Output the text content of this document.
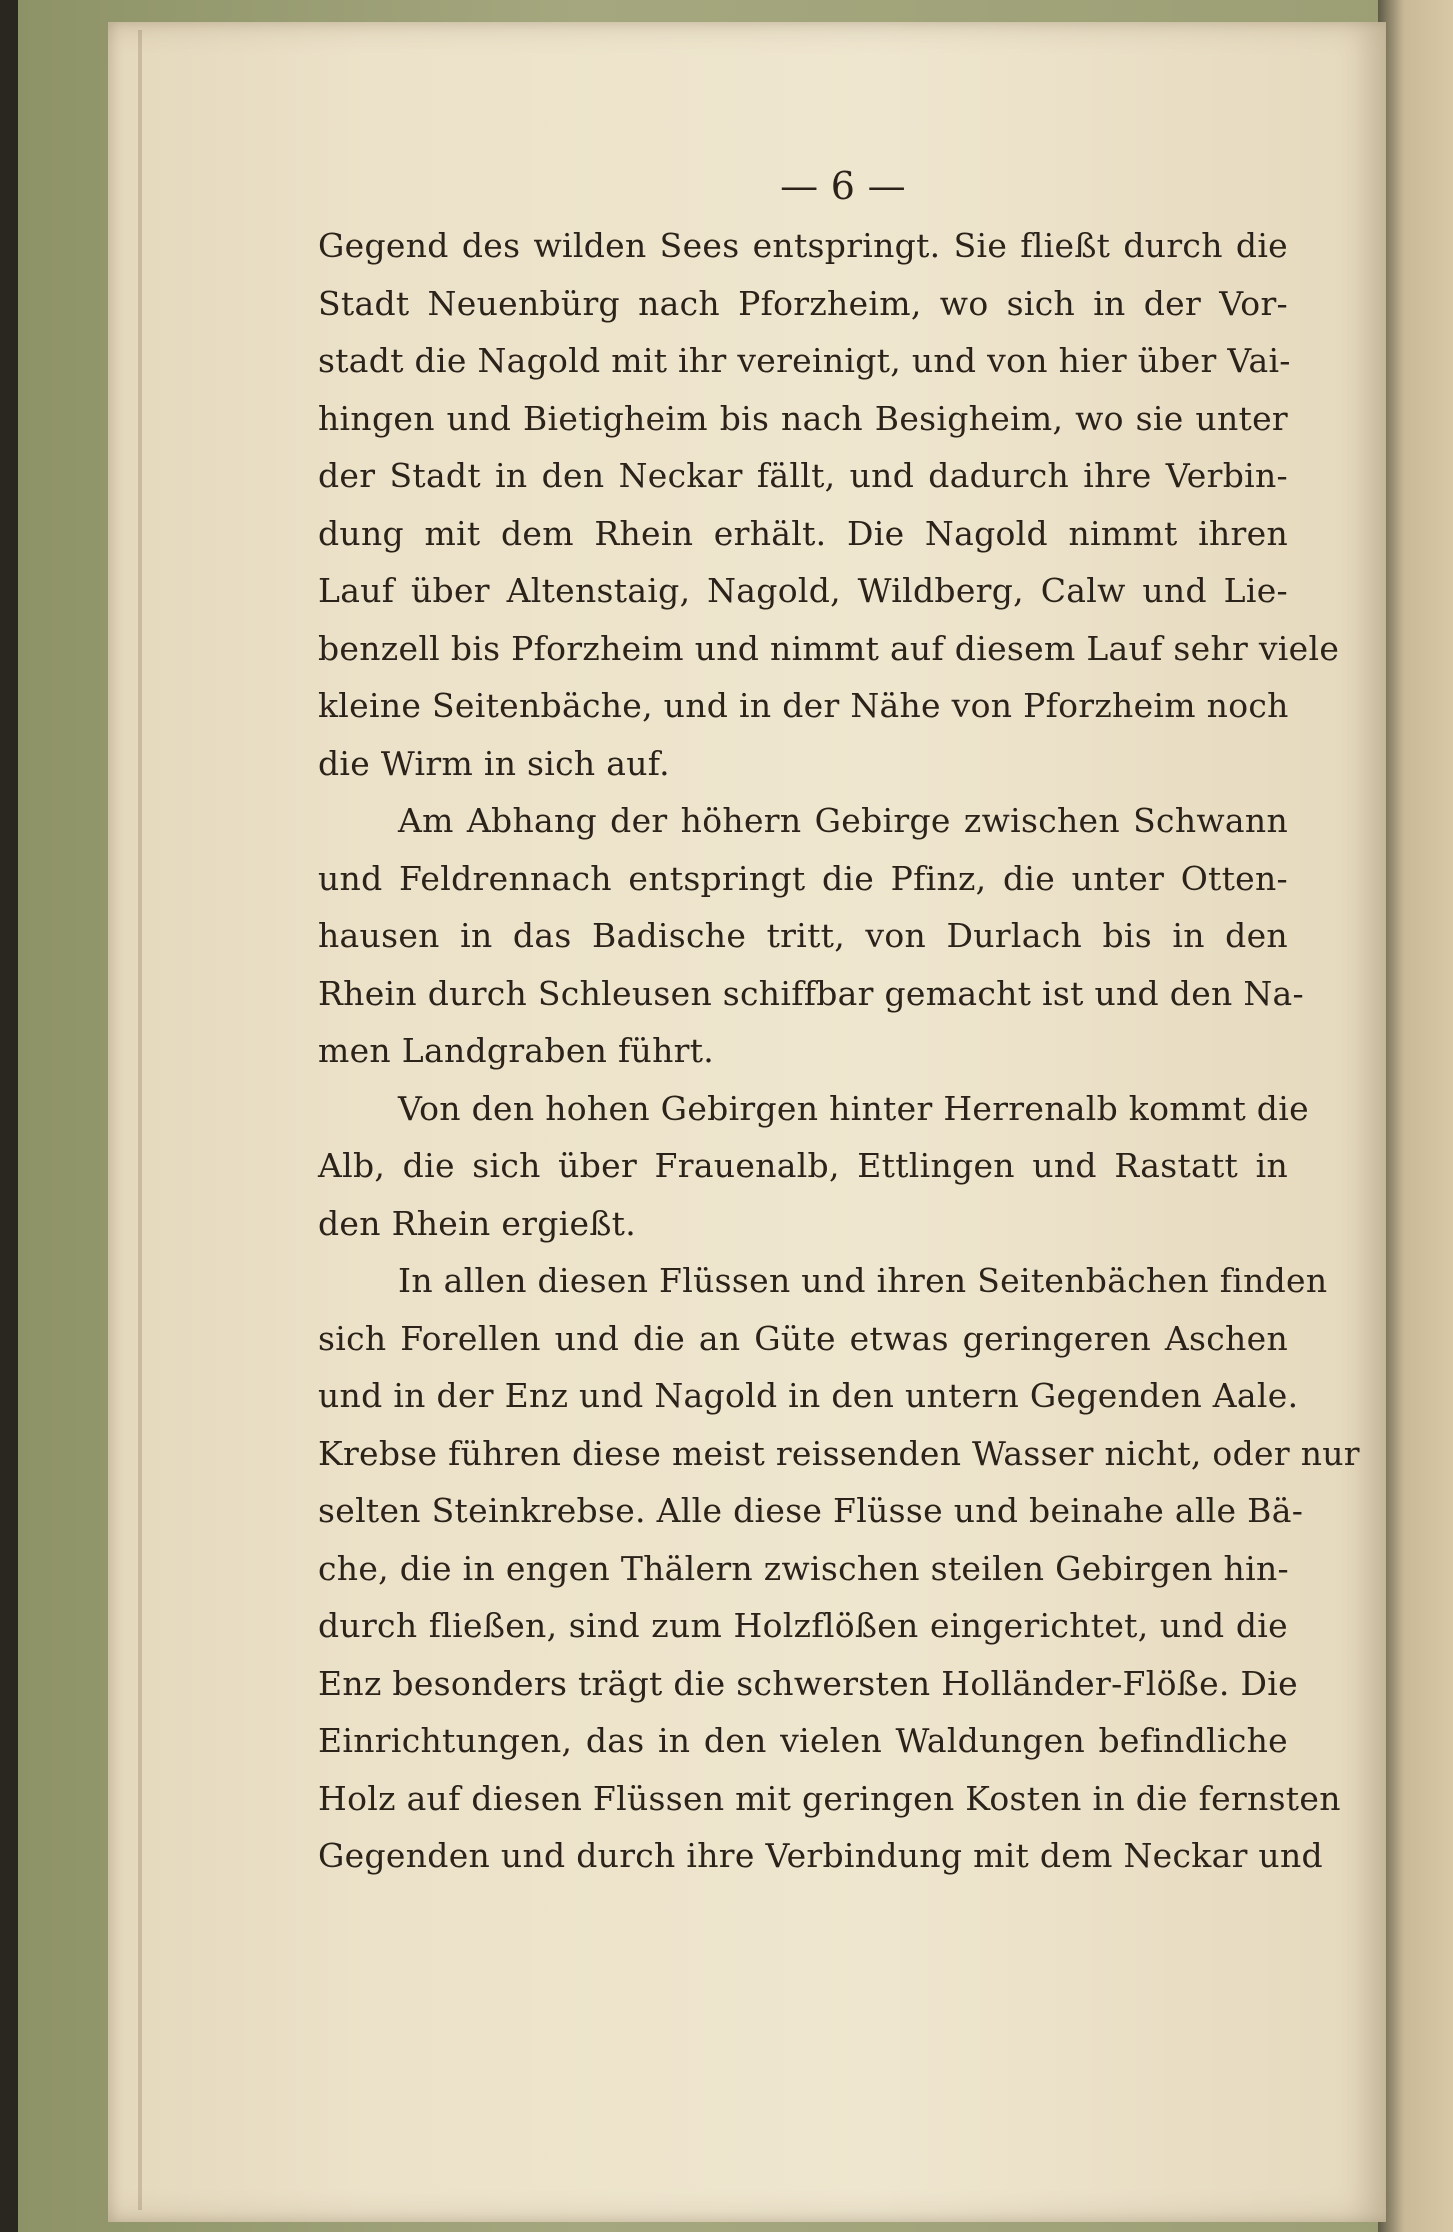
— 6 —
Gegend des wilden Sees entspringt. Sie fließt durch die
Stadt Neuenbürg nach Pforzheim, wo sich in der Vor-
stadt die Nagold mit ihr vereinigt, und von hier über Vai-
hingen und Bietigheim bis nach Besigheim, wo sie unter
der Stadt in den Neckar fällt, und dadurch ihre Verbin-
dung mit dem Rhein erhält. Die Nagold nimmt ihren
Lauf über Altenstaig, Nagold, Wildberg, Calw und Lie-
benzell bis Pforzheim und nimmt auf diesem Lauf sehr viele
kleine Seitenbäche, und in der Nähe von Pforzheim noch
die Wirm in sich auf.
Am Abhang der höhern Gebirge zwischen Schwann
und Feldrennach entspringt die Pfinz, die unter Otten-
hausen in das Badische tritt, von Durlach bis in den
Rhein durch Schleusen schiffbar gemacht ist und den Na-
men Landgraben führt.
Von den hohen Gebirgen hinter Herrenalb kommt die
Alb, die sich über Frauenalb, Ettlingen und Rastatt in
den Rhein ergießt.
In allen diesen Flüssen und ihren Seitenbächen finden
sich Forellen und die an Güte etwas geringeren Aschen
und in der Enz und Nagold in den untern Gegenden Aale.
Krebse führen diese meist reissenden Wasser nicht, oder nur
selten Steinkrebse. Alle diese Flüsse und beinahe alle Bä-
che, die in engen Thälern zwischen steilen Gebirgen hin-
durch fließen, sind zum Holzflößen eingerichtet, und die
Enz besonders trägt die schwersten Holländer-Flöße. Die
Einrichtungen, das in den vielen Waldungen befindliche
Holz auf diesen Flüssen mit geringen Kosten in die fernsten
Gegenden und durch ihre Verbindung mit dem Neckar und
